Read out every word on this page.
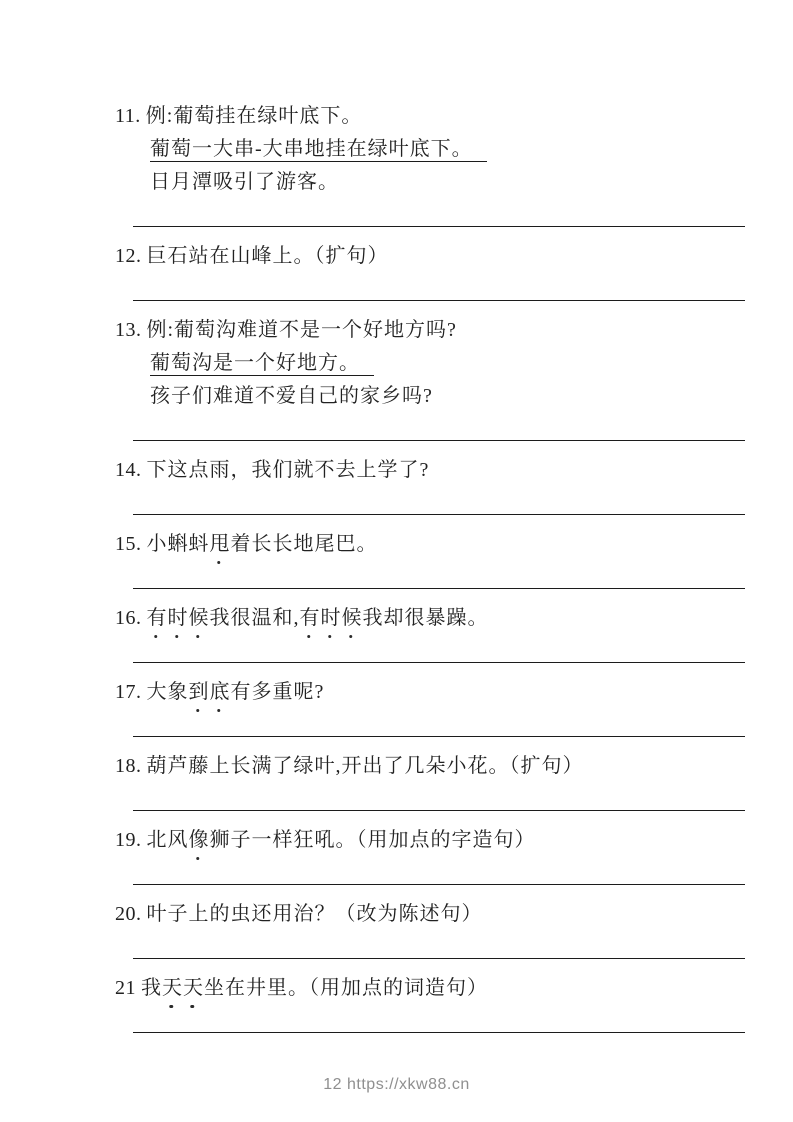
11. 例:葡萄挂在绿叶底下。
葡萄一大串-大串地挂在绿叶底下。
日月潭吸引了游客。
12. 巨石站在山峰上。（扩句）
13. 例:葡萄沟难道不是一个好地方吗?
葡萄沟是一个好地方。
孩子们难道不爱自己的家乡吗?
14. 下这点雨，我们就不去上学了?
15. 小蝌蚪甩着长长地尾巴。
16. 有时候我很温和,有时候我却很暴躁。
17. 大象到底有多重呢?
18. 葫芦藤上长满了绿叶,开出了几朵小花。（扩句）
19. 北风像狮子一样狂吼。（用加点的字造句）
20. 叶子上的虫还用治？（改为陈述句）
21 我天天坐在井里。（用加点的词造句）
12 https://xkw88.cn
